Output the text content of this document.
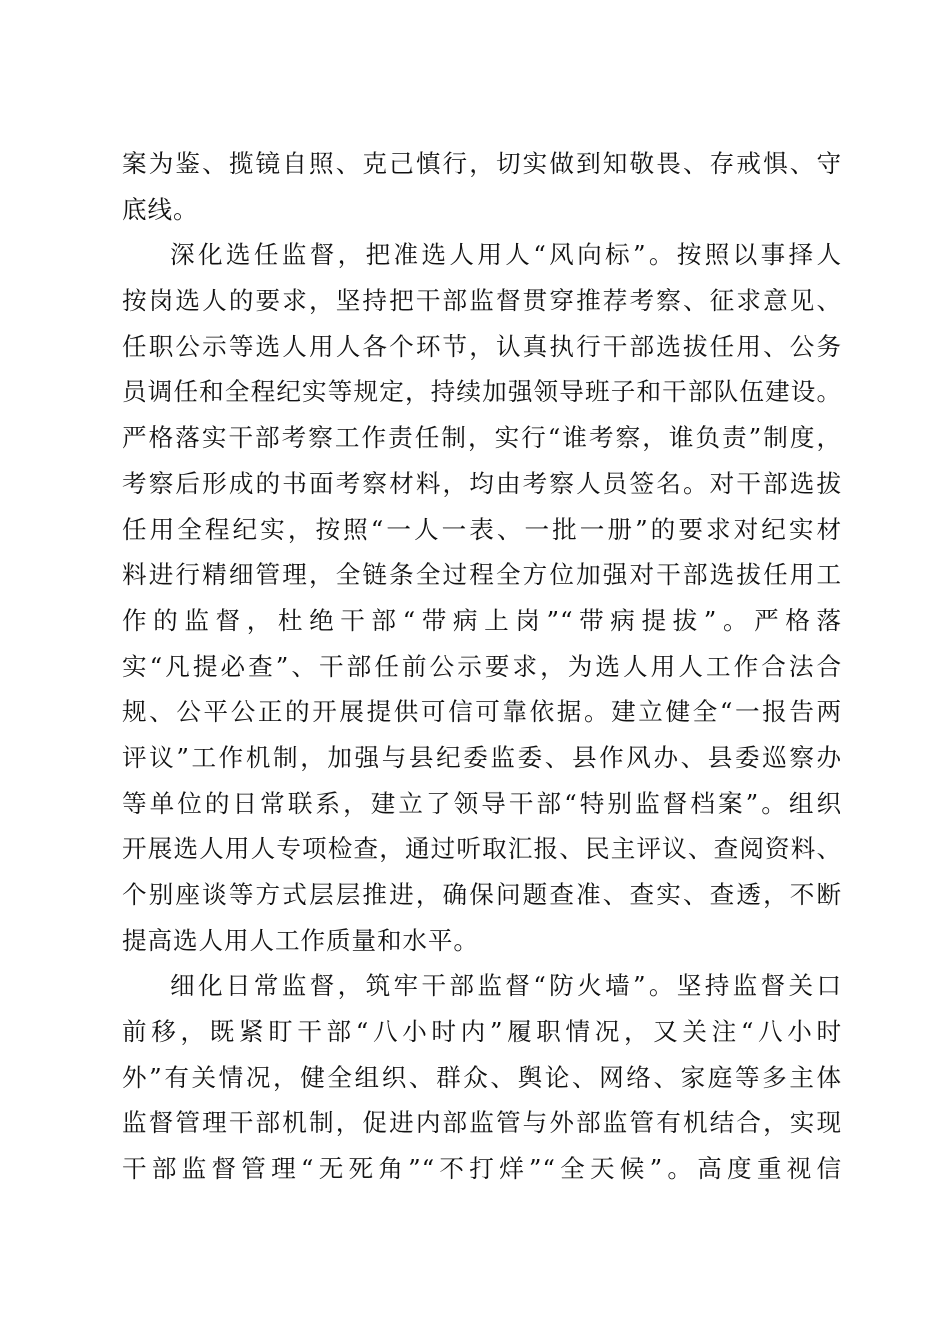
案为鉴、揽镜自照、克己慎行，切实做到知敬畏、存戒惧、守
底线。
深化选任监督，把准选人用人“风向标”。按照以事择人
按岗选人的要求，坚持把干部监督贯穿推荐考察、征求意见、
任职公示等选人用人各个环节，认真执行干部选拔任用、公务
员调任和全程纪实等规定，持续加强领导班子和干部队伍建设。
严格落实干部考察工作责任制，实行“谁考察，谁负责”制度，
考察后形成的书面考察材料，均由考察人员签名。对干部选拔
任用全程纪实，按照“一人一表、一批一册”的要求对纪实材
料进行精细管理，全链条全过程全方位加强对干部选拔任用工
作的监督，杜绝干部“带病上岗”“带病提拔”。严格落
实“凡提必查”、干部任前公示要求，为选人用人工作合法合
规、公平公正的开展提供可信可靠依据。建立健全“一报告两
评议”工作机制，加强与县纪委监委、县作风办、县委巡察办
等单位的日常联系，建立了领导干部“特别监督档案”。组织
开展选人用人专项检查，通过听取汇报、民主评议、查阅资料、
个别座谈等方式层层推进，确保问题查准、查实、查透，不断
提高选人用人工作质量和水平。
细化日常监督，筑牢干部监督“防火墙”。坚持监督关口
前移，既紧盯干部“八小时内”履职情况，又关注“八小时
外”有关情况，健全组织、群众、舆论、网络、家庭等多主体
监督管理干部机制，促进内部监管与外部监管有机结合，实现
干部监督管理“无死角”“不打烊”“全天候”。高度重视信
